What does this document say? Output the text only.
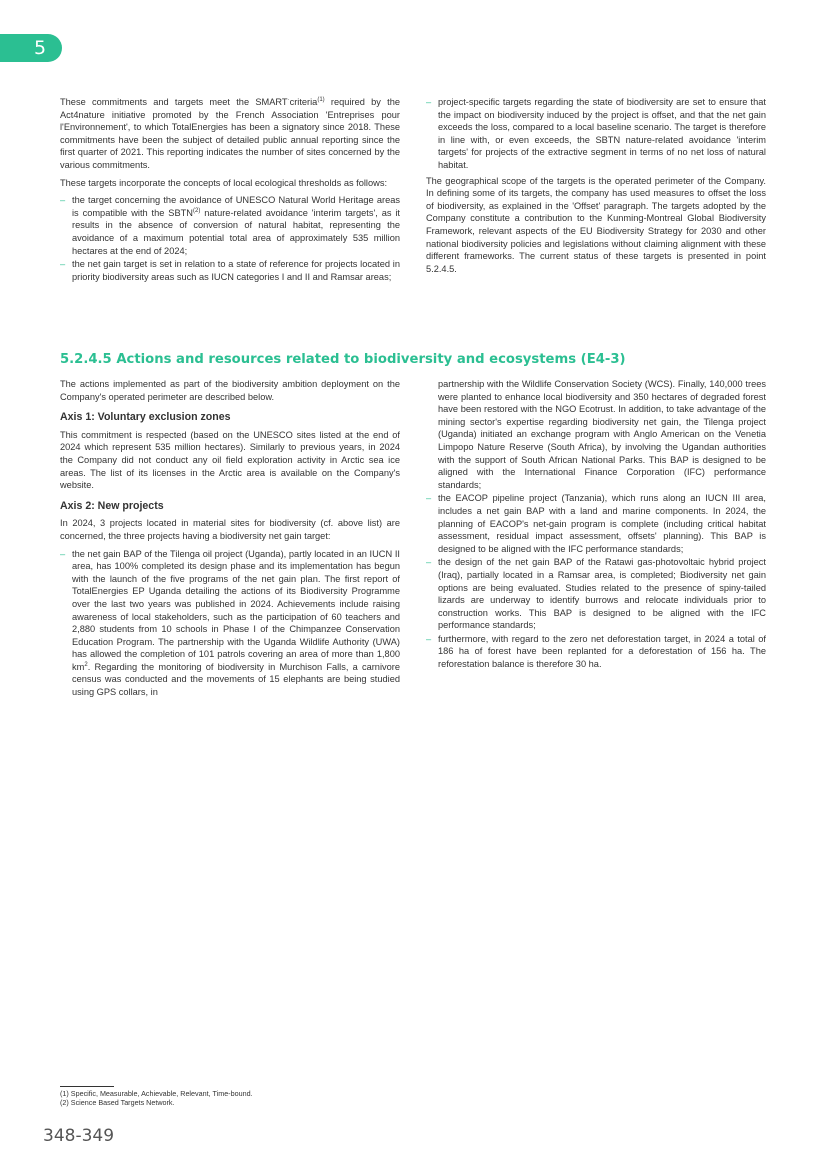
5

These commitments and targets meet the SMART·criteria$^{(1)}$ required by the Act4nature initiative promoted by the French Association 'Entreprises pour l'Environnement', to which TotalEnergies has been a signatory since 2018. These commitments have been the subject of detailed public annual reporting since the first quarter of 2021. This reporting indicates the number of sites concerned by the various commitments.

These targets incorporate the concepts of local ecological thresholds as follows:

– the target concerning the avoidance of UNESCO Natural World Heritage areas is compatible with the SBTN$^{(2)}$ nature-related avoidance 'interim targets', as it results in the absence of conversion of natural habitat, representing the avoidance of a maximum potential total area of approximately 535 million hectares at the end of 2024;
– the net gain target is set in relation to a state of reference for projects located in priority biodiversity areas such as IUCN categories I and II and Ramsar areas;
– project-specific targets regarding the state of biodiversity are set to ensure that the impact on biodiversity induced by the project is offset, and that the net gain exceeds the loss, compared to a local baseline scenario. The target is therefore in line with, or even exceeds, the SBTN nature-related avoidance 'interim targets' for projects of the extractive segment in terms of no net loss of natural habitat.

The geographical scope of the targets is the operated perimeter of the Company. In defining some of its targets, the company has used measures to offset the loss of biodiversity, as explained in the 'Offset' paragraph. The targets adopted by the Company constitute a contribution to the Kunming-Montreal Global Biodiversity Framework, relevant aspects of the EU Biodiversity Strategy for 2030 and other national biodiversity policies and legislations without claiming alignment with these different frameworks. The current status of these targets is presented in point 5.2.4.5.

5.2.4.5 Actions and resources related to biodiversity and ecosystems (E4-3)

The actions implemented as part of the biodiversity ambition deployment on the Company's operated perimeter are described below.

Axis 1: Voluntary exclusion zones

This commitment is respected (based on the UNESCO sites listed at the end of 2024 which represent 535 million hectares). Similarly to previous years, in 2024 the Company did not conduct any oil field exploration activity in Arctic sea ice areas. The list of its licenses in the Arctic area is available on the Company's website.

Axis 2: New projects

In 2024, 3 projects located in material sites for biodiversity (cf. above list) are concerned, the three projects having a biodiversity net gain target:

– the net gain BAP of the Tilenga oil project (Uganda), partly located in an IUCN II area, has 100% completed its design phase and its implementation has begun with the launch of the five programs of the net gain plan. The first report of TotalEnergies EP Uganda detailing the actions of its Biodiversity Programme over the last two years was published in 2024. Achievements include raising awareness of local stakeholders, such as the participation of 60 teachers and 2,880 students from 10 schools in Phase I of the Chimpanzee Conservation Education Program. The partnership with the Uganda Wildlife Authority (UWA) has allowed the completion of 101 patrols covering an area of more than 1,800 $km^2$. Regarding the monitoring of biodiversity in Murchison Falls, a carnivore census was conducted and the movements of 15 elephants are being studied using GPS collars, in
partnership with the Wildlife Conservation Society (WCS). Finally, 140,000 trees were planted to enhance local biodiversity and 350 hectares of degraded forest have been restored with the NGO Ecotrust. In addition, to take advantage of the mining sector's expertise regarding biodiversity net gain, the Tilenga project (Uganda) initiated an exchange program with Anglo American on the Venetia Limpopo Nature Reserve (South Africa), by involving the Ugandan authorities with the support of South African National Parks. This BAP is designed to be aligned with the International Finance Corporation (IFC) performance standards;
– the EACOP pipeline project (Tanzania), which runs along an IUCN III area, includes a net gain BAP with a land and marine components. In 2024, the planning of EACOP's net-gain program is complete (including critical habitat assessment, residual impact assessment, offsets' planning). This BAP is designed to be aligned with the IFC performance standards;
– the design of the net gain BAP of the Ratawi gas-photovoltaic hybrid project (Iraq), partially located in a Ramsar area, is completed; Biodiversity net gain options are being evaluated. Studies related to the presence of spiny-tailed lizards are underway to identify burrows and relocate individuals prior to construction works. This BAP is designed to be aligned with the IFC performance standards;
– furthermore, with regard to the zero net deforestation target, in 2024 a total of 186 ha of forest have been replanted for a deforestation of 156 ha. The reforestation balance is therefore 30 ha.
(1) Specific, Measurable, Achievable, Relevant, Time-bound.
(2) Science Based Targets Network.
348-349
